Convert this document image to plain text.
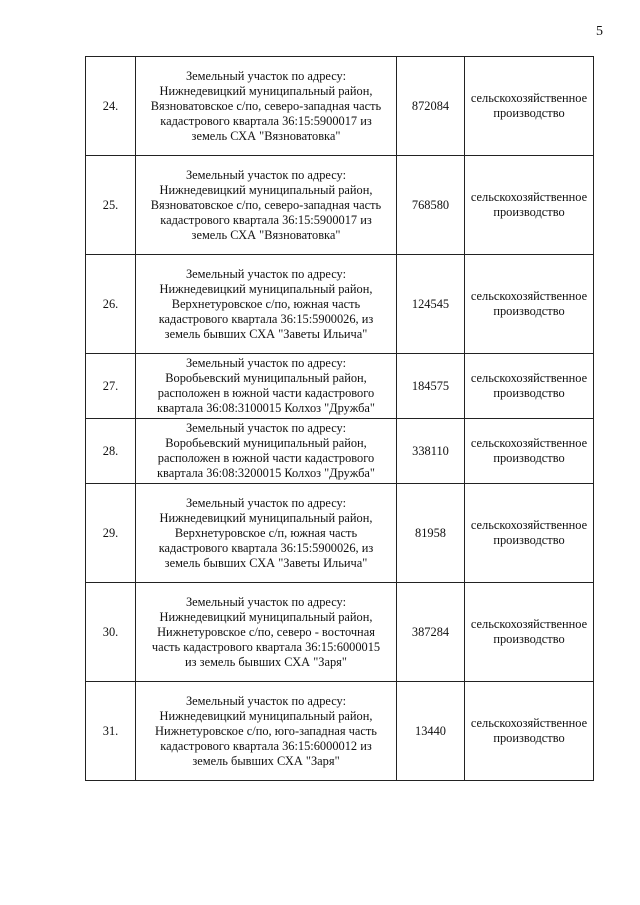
5
24.	Земельный участок по адресу:
Нижнедевицкий муниципальный район,
Вязноватовское с/по, северо-западная часть
кадастрового квартала 36:15:5900017 из
земель СХА "Вязноватовка"	872084	сельскохозяйственное
производство
25.	Земельный участок по адресу:
Нижнедевицкий муниципальный район,
Вязноватовское с/по, северо-западная часть
кадастрового квартала 36:15:5900017 из
земель СХА "Вязноватовка"	768580	сельскохозяйственное
производство
26.	Земельный участок по адресу:
Нижнедевицкий муниципальный район,
Верхнетуровское с/по, южная часть
кадастрового квартала 36:15:5900026, из
земель бывших СХА "Заветы Ильича"	124545	сельскохозяйственное
производство
27.	Земельный участок по адресу:
Воробьевский муниципальный район,
расположен в южной части кадастрового
квартала 36:08:3100015 Колхоз "Дружба"	184575	сельскохозяйственное
производство
28.	Земельный участок по адресу:
Воробьевский муниципальный район,
расположен в южной части кадастрового
квартала 36:08:3200015 Колхоз "Дружба"	338110	сельскохозяйственное
производство
29.	Земельный участок по адресу:
Нижнедевицкий муниципальный район,
Верхнетуровское с/п, южная часть
кадастрового квартала 36:15:5900026, из
земель бывших СХА "Заветы Ильича"	81958	сельскохозяйственное
производство
30.	Земельный участок по адресу:
Нижнедевицкий муниципальный район,
Нижнетуровское с/по, северо - восточная
часть кадастрового квартала 36:15:6000015
из земель бывших СХА "Заря"	387284	сельскохозяйственное
производство
31.	Земельный участок по адресу:
Нижнедевицкий муниципальный район,
Нижнетуровское с/по, юго-западная часть
кадастрового квартала 36:15:6000012 из
земель бывших СХА "Заря"	13440	сельскохозяйственное
производство
